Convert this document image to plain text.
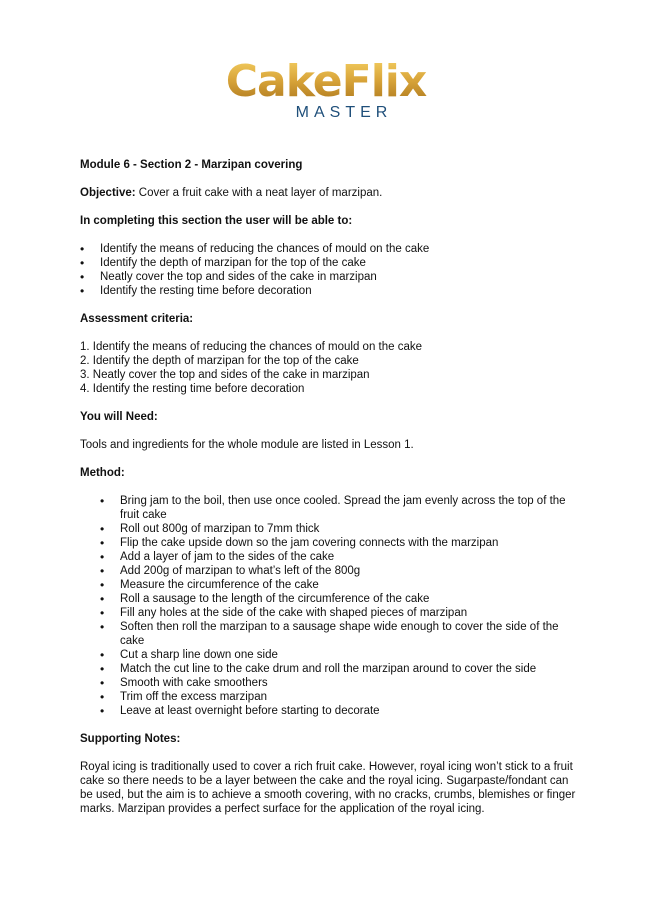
CakeFlix
MASTER
Module 6 - Section 2 - Marzipan covering

Objective: Cover a fruit cake with a neat layer of marzipan.

In completing this section the user will be able to:
• Identify the means of reducing the chances of mould on the cake
• Identify the depth of marzipan for the top of the cake
• Neatly cover the top and sides of the cake in marzipan
• Identify the resting time before decoration
Assessment criteria:
1. Identify the means of reducing the chances of mould on the cake
2. Identify the depth of marzipan for the top of the cake
3. Neatly cover the top and sides of the cake in marzipan
4. Identify the resting time before decoration
You will Need:

Tools and ingredients for the whole module are listed in Lesson 1.

Method:
• Bring jam to the boil, then use once cooled. Spread the jam evenly across the top of the fruit cake
• Roll out 800g of marzipan to 7mm thick
• Flip the cake upside down so the jam covering connects with the marzipan
• Add a layer of jam to the sides of the cake
• Add 200g of marzipan to what’s left of the 800g
• Measure the circumference of the cake
• Roll a sausage to the length of the circumference of the cake
• Fill any holes at the side of the cake with shaped pieces of marzipan
• Soften then roll the marzipan to a sausage shape wide enough to cover the side of the cake
• Cut a sharp line down one side
• Match the cut line to the cake drum and roll the marzipan around to cover the side
• Smooth with cake smoothers
• Trim off the excess marzipan
• Leave at least overnight before starting to decorate
Supporting Notes:

Royal icing is traditionally used to cover a rich fruit cake. However, royal icing won’t stick to a fruit cake so there needs to be a layer between the cake and the royal icing. Sugarpaste/fondant can be used, but the aim is to achieve a smooth covering, with no cracks, crumbs, blemishes or finger marks. Marzipan provides a perfect surface for the application of the royal icing.
